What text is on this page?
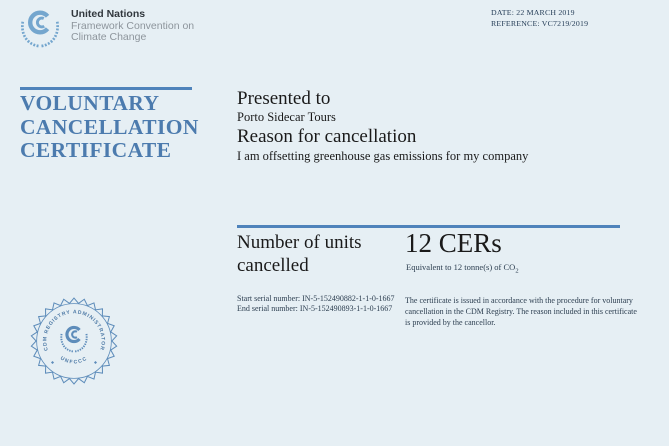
United Nations
Framework Convention on
Climate Change
DATE: 22 MARCH 2019
REFERENCE: VC7219/2019
VOLUNTARY
CANCELLATION
CERTIFICATE
Presented to
Porto Sidecar Tours
Reason for cancellation
I am offsetting greenhouse gas emissions for my company
Number of units cancelled
12 CERs
Equivalent to 12 tonne(s) of $CO_2$
Start serial number: IN-5-152490882-1-1-0-1667
End serial number: IN-5-152490893-1-1-0-1667
The certificate is issued in accordance with the procedure for voluntary cancellation in the CDM Registry. The reason included in this certificate is provided by the cancellor.
CDM REGISTRY ADMINISTRATOR
UNFCCC
